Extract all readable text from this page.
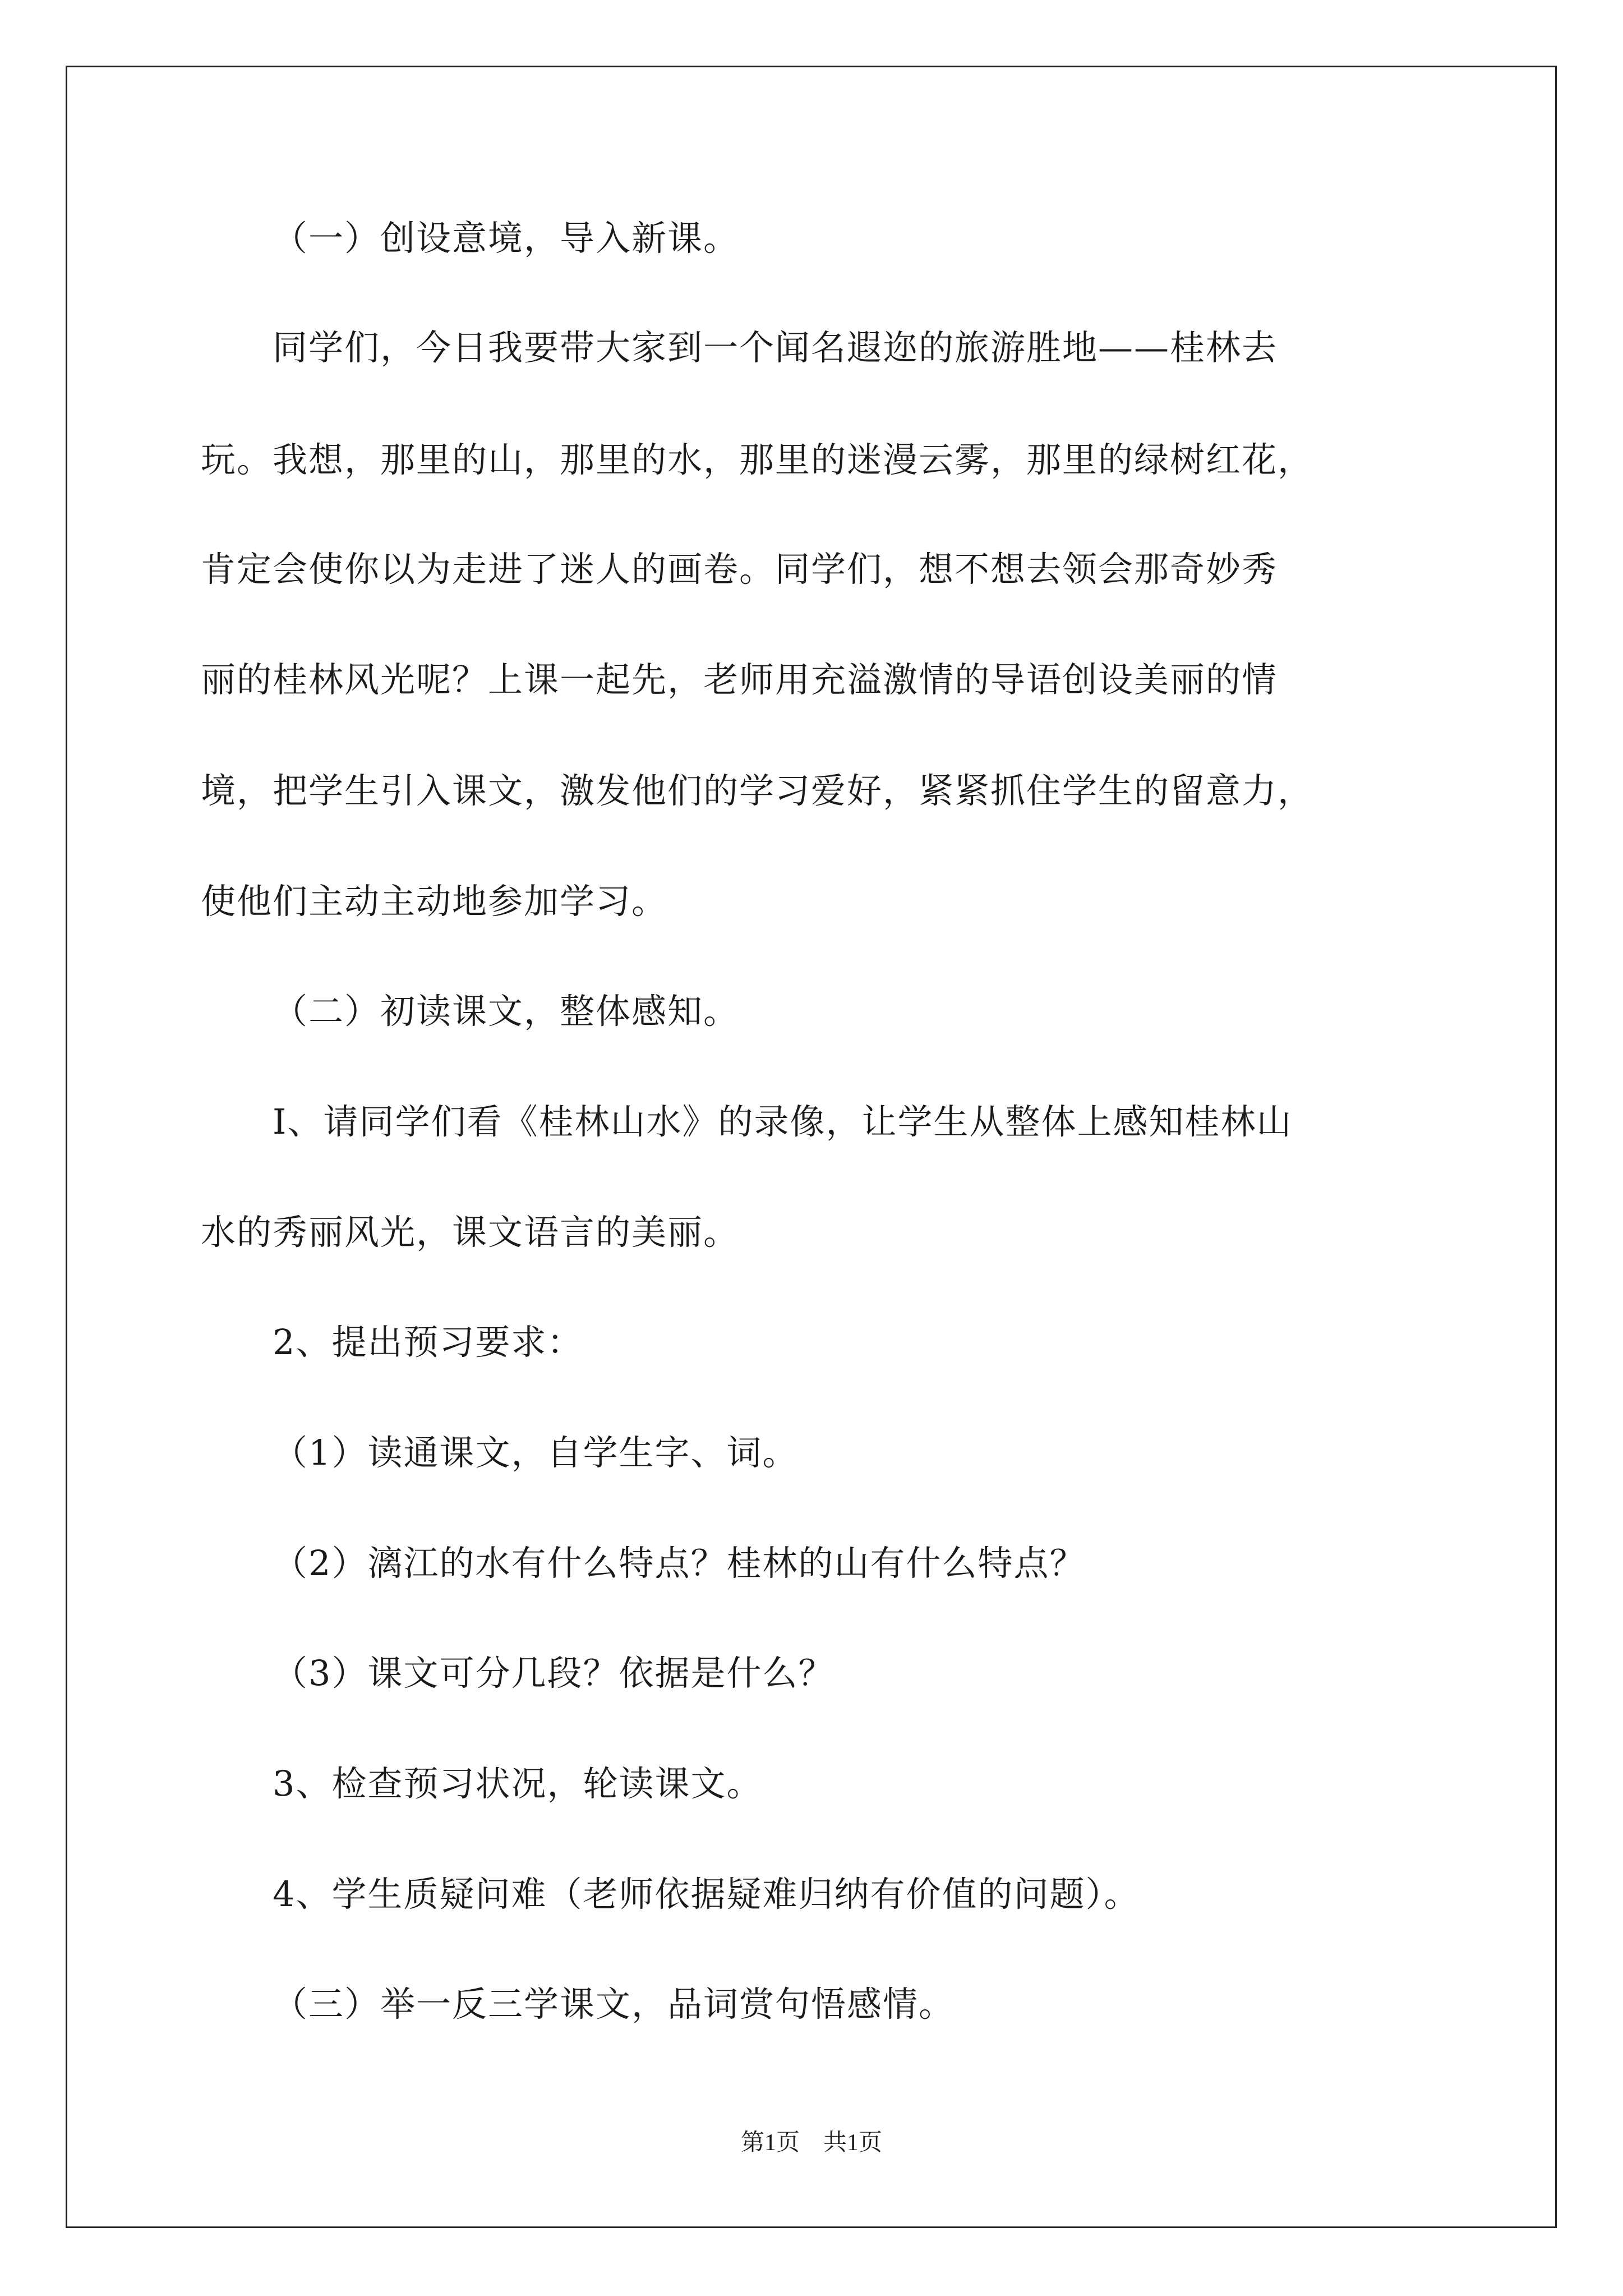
（一）创设意境，导入新课。
同学们，今日我要带大家到一个闻名遐迩的旅游胜地——桂林去
玩。我想，那里的山，那里的水，那里的迷漫云雾，那里的绿树红花，
肯定会使你以为走进了迷人的画卷。同学们，想不想去领会那奇妙秀
丽的桂林风光呢？上课一起先，老师用充溢激情的导语创设美丽的情
境，把学生引入课文，激发他们的学习爱好，紧紧抓住学生的留意力，
使他们主动主动地参加学习。
（二）初读课文，整体感知。
I、请同学们看《桂林山水》的录像，让学生从整体上感知桂林山
水的秀丽风光，课文语言的美丽。
2、提出预习要求：
（1）读通课文，自学生字、词。
（2）漓江的水有什么特点？桂林的山有什么特点？
（3）课文可分几段？依据是什么？
3、检查预习状况，轮读课文。
4、学生质疑问难（老师依据疑难归纳有价值的问题）。
（三）举一反三学课文，品词赏句悟感情。
第1页　共1页
